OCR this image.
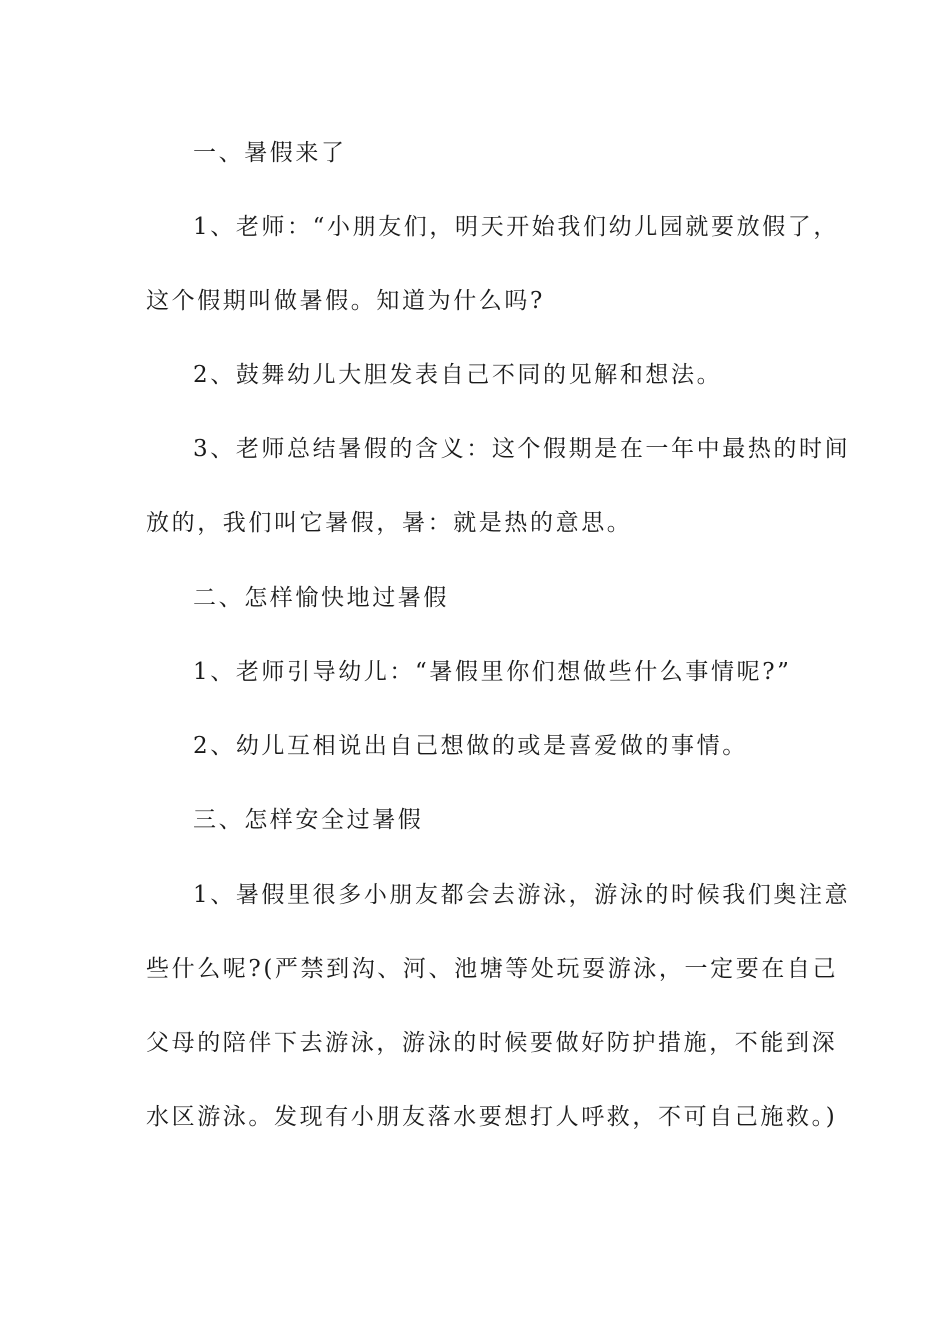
一、暑假来了
1、老师：“小朋友们，明天开始我们幼儿园就要放假了，
这个假期叫做暑假。知道为什么吗?
2、鼓舞幼儿大胆发表自己不同的见解和想法。
3、老师总结暑假的含义：这个假期是在一年中最热的时间
放的，我们叫它暑假，暑：就是热的意思。
二、怎样愉快地过暑假
1、老师引导幼儿：“暑假里你们想做些什么事情呢?”
2、幼儿互相说出自己想做的或是喜爱做的事情。
三、怎样安全过暑假
1、暑假里很多小朋友都会去游泳，游泳的时候我们奥注意
些什么呢?(严禁到沟、河、池塘等处玩耍游泳，一定要在自己
父母的陪伴下去游泳，游泳的时候要做好防护措施，不能到深
水区游泳。发现有小朋友落水要想打人呼救，不可自己施救。)
